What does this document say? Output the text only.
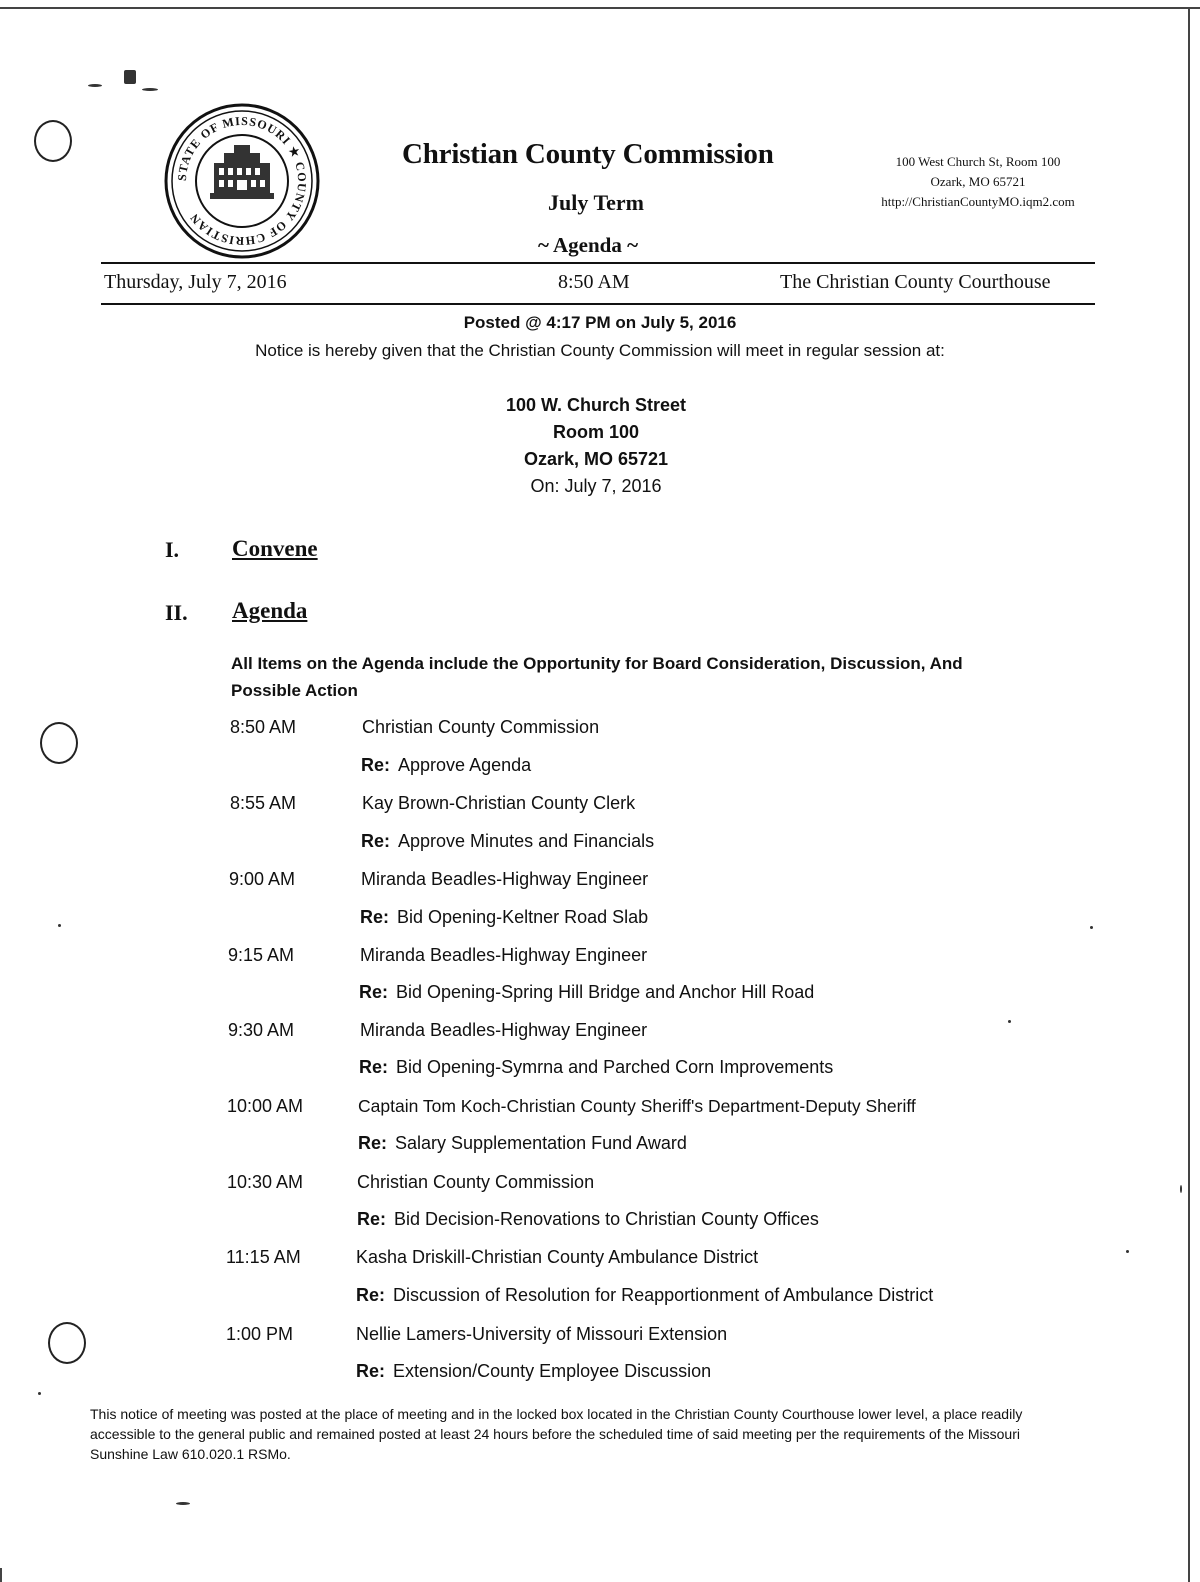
STATE OF MISSOURI ★ COUNTY OF CHRISTIAN
Christian County Commission
July Term
~ Agenda ~
100 West Church St, Room 100
Ozark, MO 65721
http://ChristianCountyMO.iqm2.com
Thursday, July 7, 2016	8:50 AM	The Christian County Courthouse
Posted @ 4:17 PM on July 5, 2016
Notice is hereby given that the Christian County Commission will meet in regular session at:
100 W. Church Street
Room 100
Ozark, MO 65721
On: July 7, 2016
I. Convene
II. Agenda
All Items on the Agenda include the Opportunity for Board Consideration, Discussion, And Possible Action
8:50 AM	Christian County Commission
Re: Approve Agenda
8:55 AM	Kay Brown-Christian County Clerk
Re: Approve Minutes and Financials
9:00 AM	Miranda Beadles-Highway Engineer
Re: Bid Opening-Keltner Road Slab
9:15 AM	Miranda Beadles-Highway Engineer
Re: Bid Opening-Spring Hill Bridge and Anchor Hill Road
9:30 AM	Miranda Beadles-Highway Engineer
Re: Bid Opening-Symrna and Parched Corn Improvements
10:00 AM	Captain Tom Koch-Christian County Sheriff's Department-Deputy Sheriff
Re: Salary Supplementation Fund Award
10:30 AM	Christian County Commission
Re: Bid Decision-Renovations to Christian County Offices
11:15 AM	Kasha Driskill-Christian County Ambulance District
Re: Discussion of Resolution for Reapportionment of Ambulance District
1:00 PM	Nellie Lamers-University of Missouri Extension
Re: Extension/County Employee Discussion
This notice of meeting was posted at the place of meeting and in the locked box located in the Christian County Courthouse lower level, a place readily accessible to the general public and remained posted at least 24 hours before the scheduled time of said meeting per the requirements of the Missouri Sunshine Law 610.020.1 RSMo.
